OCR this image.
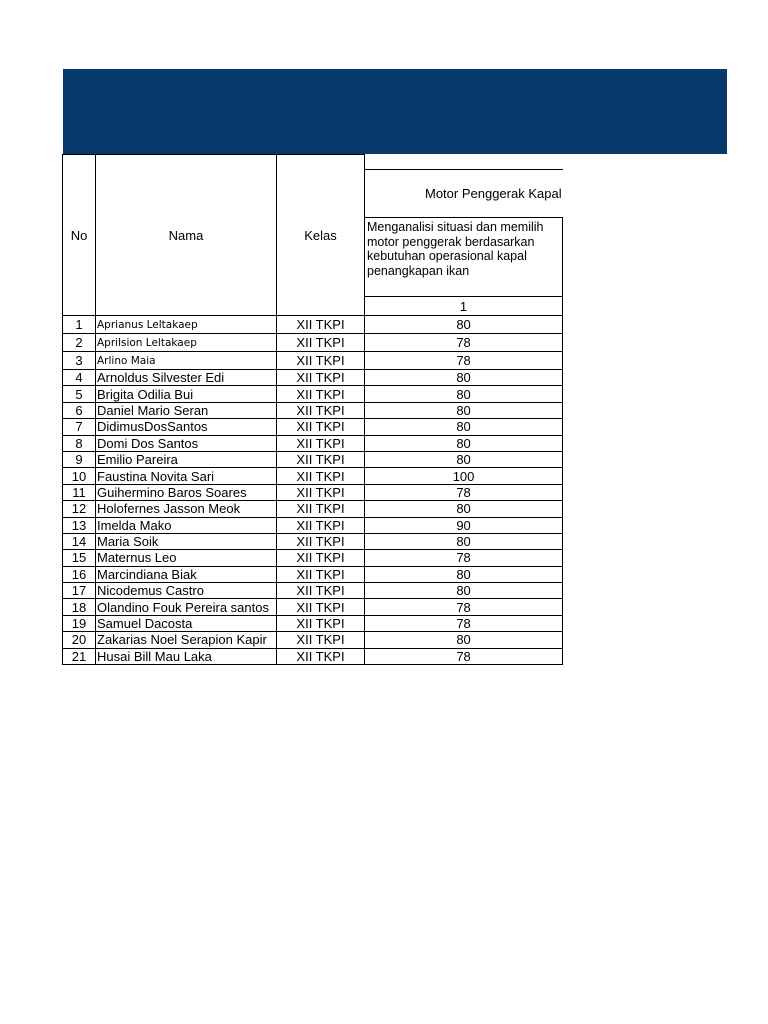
No	Nama	Kelas	
			Motor Penggerak Kapal
			Menganalisi situasi dan memilih motor penggerak berdasarkan kebutuhan operasional kapal penangkapan ikan
			1
1	Aprianus Leltakaep	XII TKPI	80
2	Aprilsion Leltakaep	XII TKPI	78
3	Arlino Maia	XII TKPI	78
4	Arnoldus Silvester Edi	XII TKPI	80
5	Brigita Odilia Bui	XII TKPI	80
6	Daniel Mario Seran	XII TKPI	80
7	DidimusDosSantos	XII TKPI	80
8	Domi Dos Santos	XII TKPI	80
9	Emilio Pareira	XII TKPI	80
10	Faustina Novita Sari	XII TKPI	100
11	Guihermino Baros Soares	XII TKPI	78
12	Holofernes Jasson Meok	XII TKPI	80
13	Imelda Mako	XII TKPI	90
14	Maria Soik	XII TKPI	80
15	Maternus Leo	XII TKPI	78
16	Marcindiana Biak	XII TKPI	80
17	Nicodemus Castro	XII TKPI	80
18	Olandino Fouk Pereira santos	XII TKPI	78
19	Samuel Dacosta	XII TKPI	78
20	Zakarias Noel Serapion Kapir	XII TKPI	80
21	Husai Bill Mau Laka	XII TKPI	78
